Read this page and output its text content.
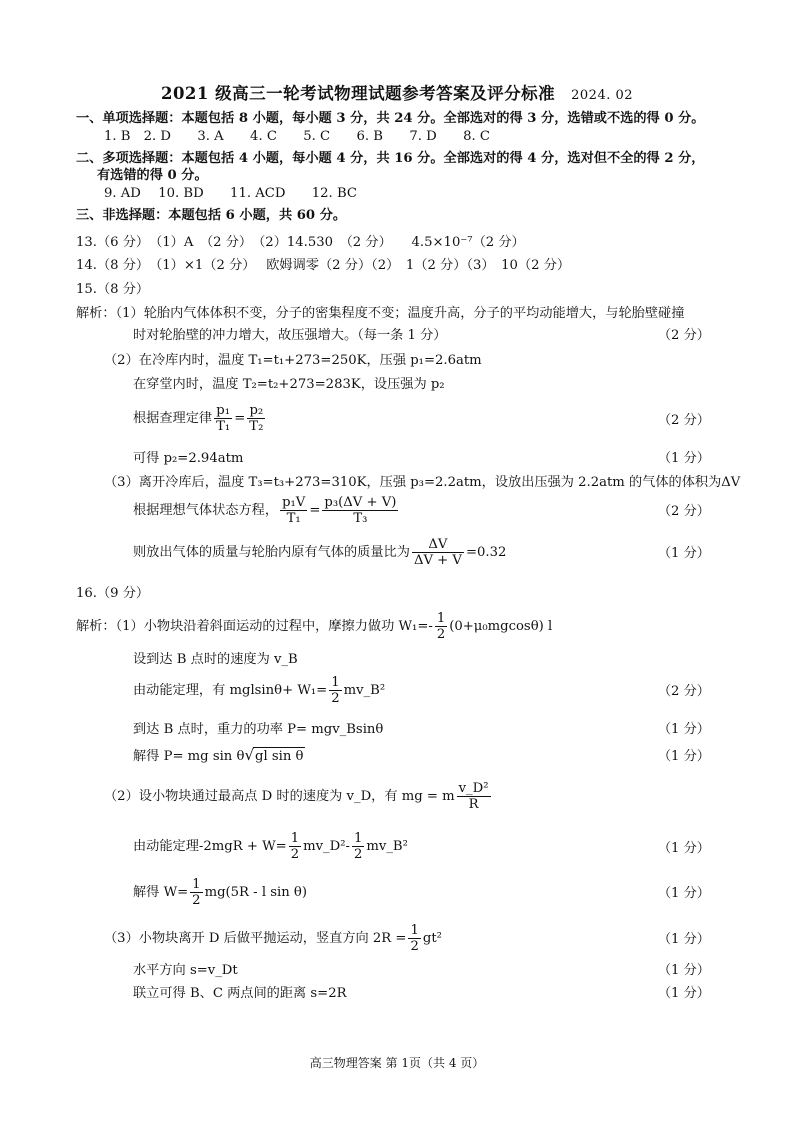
2021 级高三一轮考试物理试题参考答案及评分标准 2024. 02
一、单项选择题：本题包括 8 小题，每小题 3 分，共 24 分。全部选对的得 3 分，选错或不选的得 0 分。
1. B　2. D　　3. A　　4. C　　5. C　　6. B　　7. D　　8. C
二、多项选择题：本题包括 4 小题，每小题 4 分，共 16 分。全部选对的得 4 分，选对但不全的得 2 分，
有选错的得 0 分。
9. AD　 10. BD　　11. ACD　　12. BC
三、非选择题：本题包括 6 小题，共 60 分。
13.（6 分）　（1）A　（2 分）　（2）14.530　（2 分）　　4.5×10⁻⁷（2 分）
14.（8 分）　（1）×1（2 分）　 欧姆调零（2 分）（2）　1（2 分）（3）　10（2 分）
15.（8 分）
解析：（1）轮胎内气体体积不变，分子的密集程度不变；温度升高，分子的平均动能增大，与轮胎壁碰撞
时对轮胎壁的冲力增大，故压强增大。（每一条 1 分）	（2 分）
（2）在冷库内时，温度 T₁=t₁+273=250K，压强 p₁=2.6atm
在穿堂内时，温度 T₂=t₂+273=283K，设压强为 p₂
根据查理定律 $\frac{\text{p₁}}{\text{T₁}} = \frac{\text{p₂}}{\text{T₂}}$	（2 分）
可得 p₂=2.94atm	（1 分）
（3）离开冷库后，温度 T₃=t₃+273=310K，压强 p₃=2.2atm，设放出压强为 2.2atm 的气体的体积为ΔV
根据理想气体状态方程， $\frac{\text{p₁V}}{\text{T₁}} = \frac{\text{p₃(ΔV + V)}}{\text{T₃}}$	（2 分）
则放出气体的质量与轮胎内原有气体的质量比为 $\frac{\Delta V}{\Delta V + V} =0.32$	（1 分）
16.（9 分）
解析：（1）小物块沿着斜面运动的过程中，摩擦力做功 $W_1=- \frac{1}{2} (0+\mu_0mgcos\theta)$ l
设到达 B 点时的速度为 v_B
由动能定理，有 $mglsin\theta+ W_1= \frac{1}{2}$ mv_B²	（2 分）
到达 B 点时，重力的功率 P= mgv_Bsinθ	（1 分）
解得 P= mg sin θ√gl sin θ	（1 分）
（2）设小物块通过最高点 D 时的速度为 v_D，有 mg = m $\frac{\text{v\_D²}}{R}$
由动能定理$-2mgR + W= \frac{1}{2}$ mv_D²- $\frac{1}{2}$ mv_B²	（1 分）
解得 $W= \frac{1}{2} mg(5R - l$ sin θ)	（1 分）
（3）小物块离开 D 后做平抛运动，竖直方向 $2R = \frac{1}{2} gt^2$	（1 分）
水平方向 s=v_Dt	（1 分）
联立可得 B、C 两点间的距离 s=2R	（1 分）
高三物理答案 第 1页（共 4 页）
